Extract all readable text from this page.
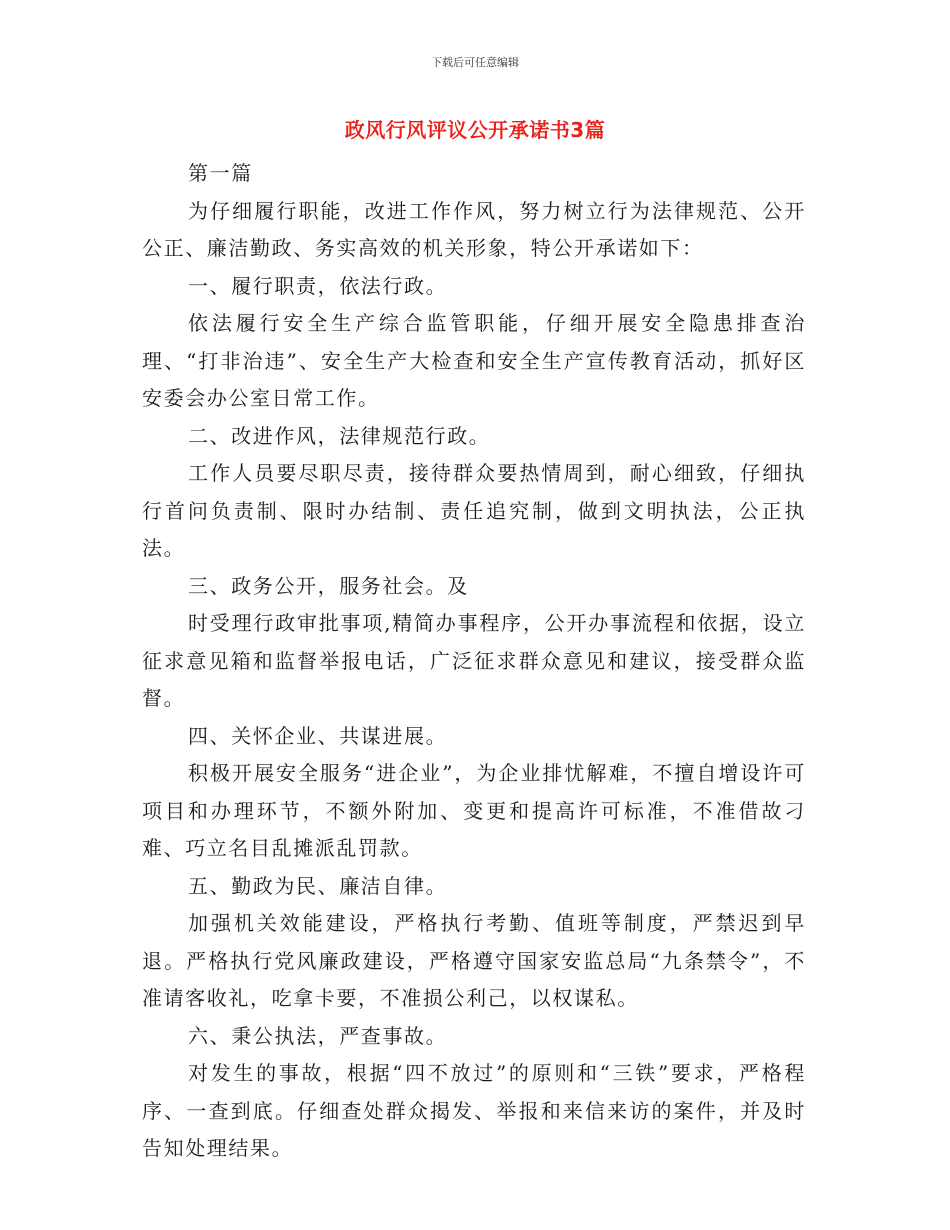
下载后可任意编辑
政风行风评议公开承诺书3篇

第一篇

为仔细履行职能，改进工作作风，努力树立行为法律规范、公开公正、廉洁勤政、务实高效的机关形象，特公开承诺如下：

一、履行职责，依法行政。

依法履行安全生产综合监管职能，仔细开展安全隐患排查治理、“打非治违”、安全生产大检查和安全生产宣传教育活动，抓好区安委会办公室日常工作。

二、改进作风，法律规范行政。

工作人员要尽职尽责，接待群众要热情周到，耐心细致，仔细执行首问负责制、限时办结制、责任追究制，做到文明执法，公正执法。

三、政务公开，服务社会。及

时受理行政审批事项,精简办事程序，公开办事流程和依据，设立征求意见箱和监督举报电话，广泛征求群众意见和建议，接受群众监督。

四、关怀企业、共谋进展。

积极开展安全服务“进企业”，为企业排忧解难，不擅自增设许可项目和办理环节，不额外附加、变更和提高许可标准，不准借故刁难、巧立名目乱摊派乱罚款。

五、勤政为民、廉洁自律。

加强机关效能建设，严格执行考勤、值班等制度，严禁迟到早退。严格执行党风廉政建设，严格遵守国家安监总局“九条禁令”，不准请客收礼，吃拿卡要，不准损公利己，以权谋私。

六、秉公执法，严查事故。

对发生的事故，根据“四不放过”的原则和“三铁”要求，严格程序、一查到底。仔细查处群众揭发、举报和来信来访的案件，并及时告知处理结果。
